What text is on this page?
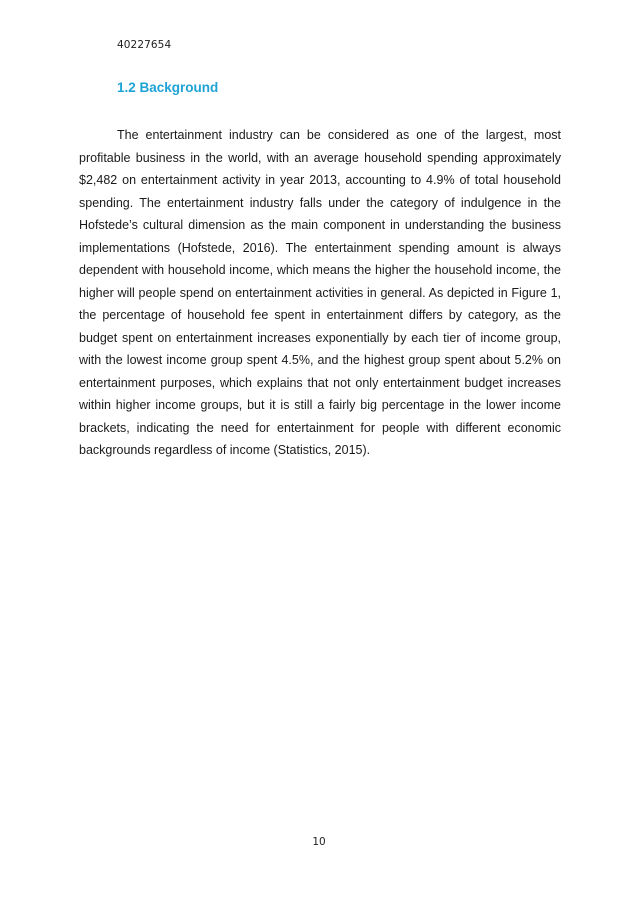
40227654
1.2 Background

The entertainment industry can be considered as one of the largest, most profitable business in the world, with an average household spending approximately $2,482 on entertainment activity in year 2013, accounting to 4.9% of total household spending. The entertainment industry falls under the category of indulgence in the Hofstede’s cultural dimension as the main component in understanding the business implementations (Hofstede, 2016). The entertainment spending amount is always dependent with household income, which means the higher the household income, the higher will people spend on entertainment activities in general. As depicted in Figure 1, the percentage of household fee spent in entertainment differs by category, as the budget spent on entertainment increases exponentially by each tier of income group, with the lowest income group spent 4.5%, and the highest group spent about 5.2% on entertainment purposes, which explains that not only entertainment budget increases within higher income groups, but it is still a fairly big percentage in the lower income brackets, indicating the need for entertainment for people with different economic backgrounds regardless of income (Statistics, 2015).

10
